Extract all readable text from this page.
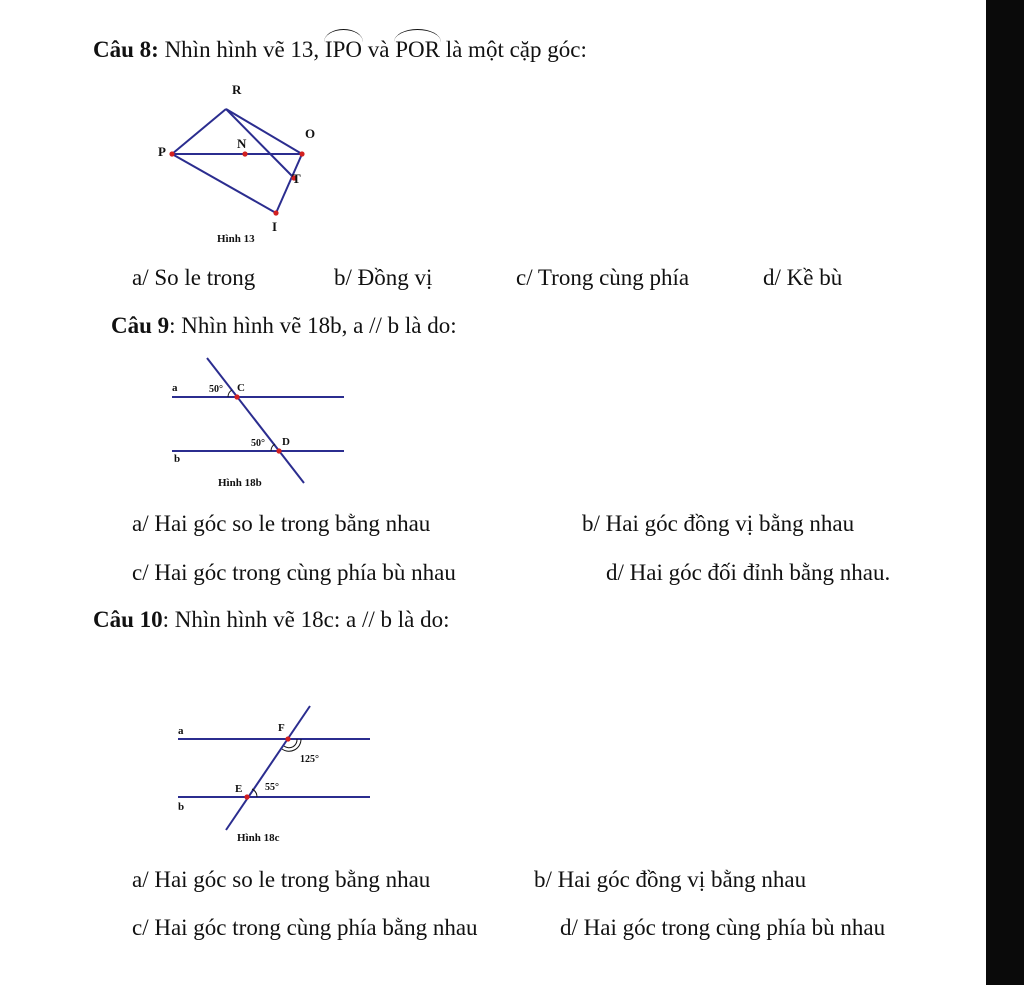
Câu 8: Nhìn hình vẽ 13, IPO và POR là một cặp góc:
R
O
P
N
T
I
Hình 13
a/ So le trong	b/ Đồng vị	c/ Trong cùng phía	d/ Kề bù
Câu 9: Nhìn hình vẽ 18b, a // b là do:
a
b
C
D
50°
50°
Hình 18b
a/ Hai góc so le trong bằng nhau	b/ Hai góc đồng vị bằng nhau
c/ Hai góc trong cùng phía bù nhau	d/ Hai góc đối đỉnh bằng nhau.
Câu 10: Nhìn hình vẽ 18c: a // b là do:
a
b
F
E
125°
55°
Hình 18c
a/ Hai góc so le trong bằng nhau	b/ Hai góc đồng vị bằng nhau
c/ Hai góc trong cùng phía bằng nhau	d/ Hai góc trong cùng phía bù nhau
